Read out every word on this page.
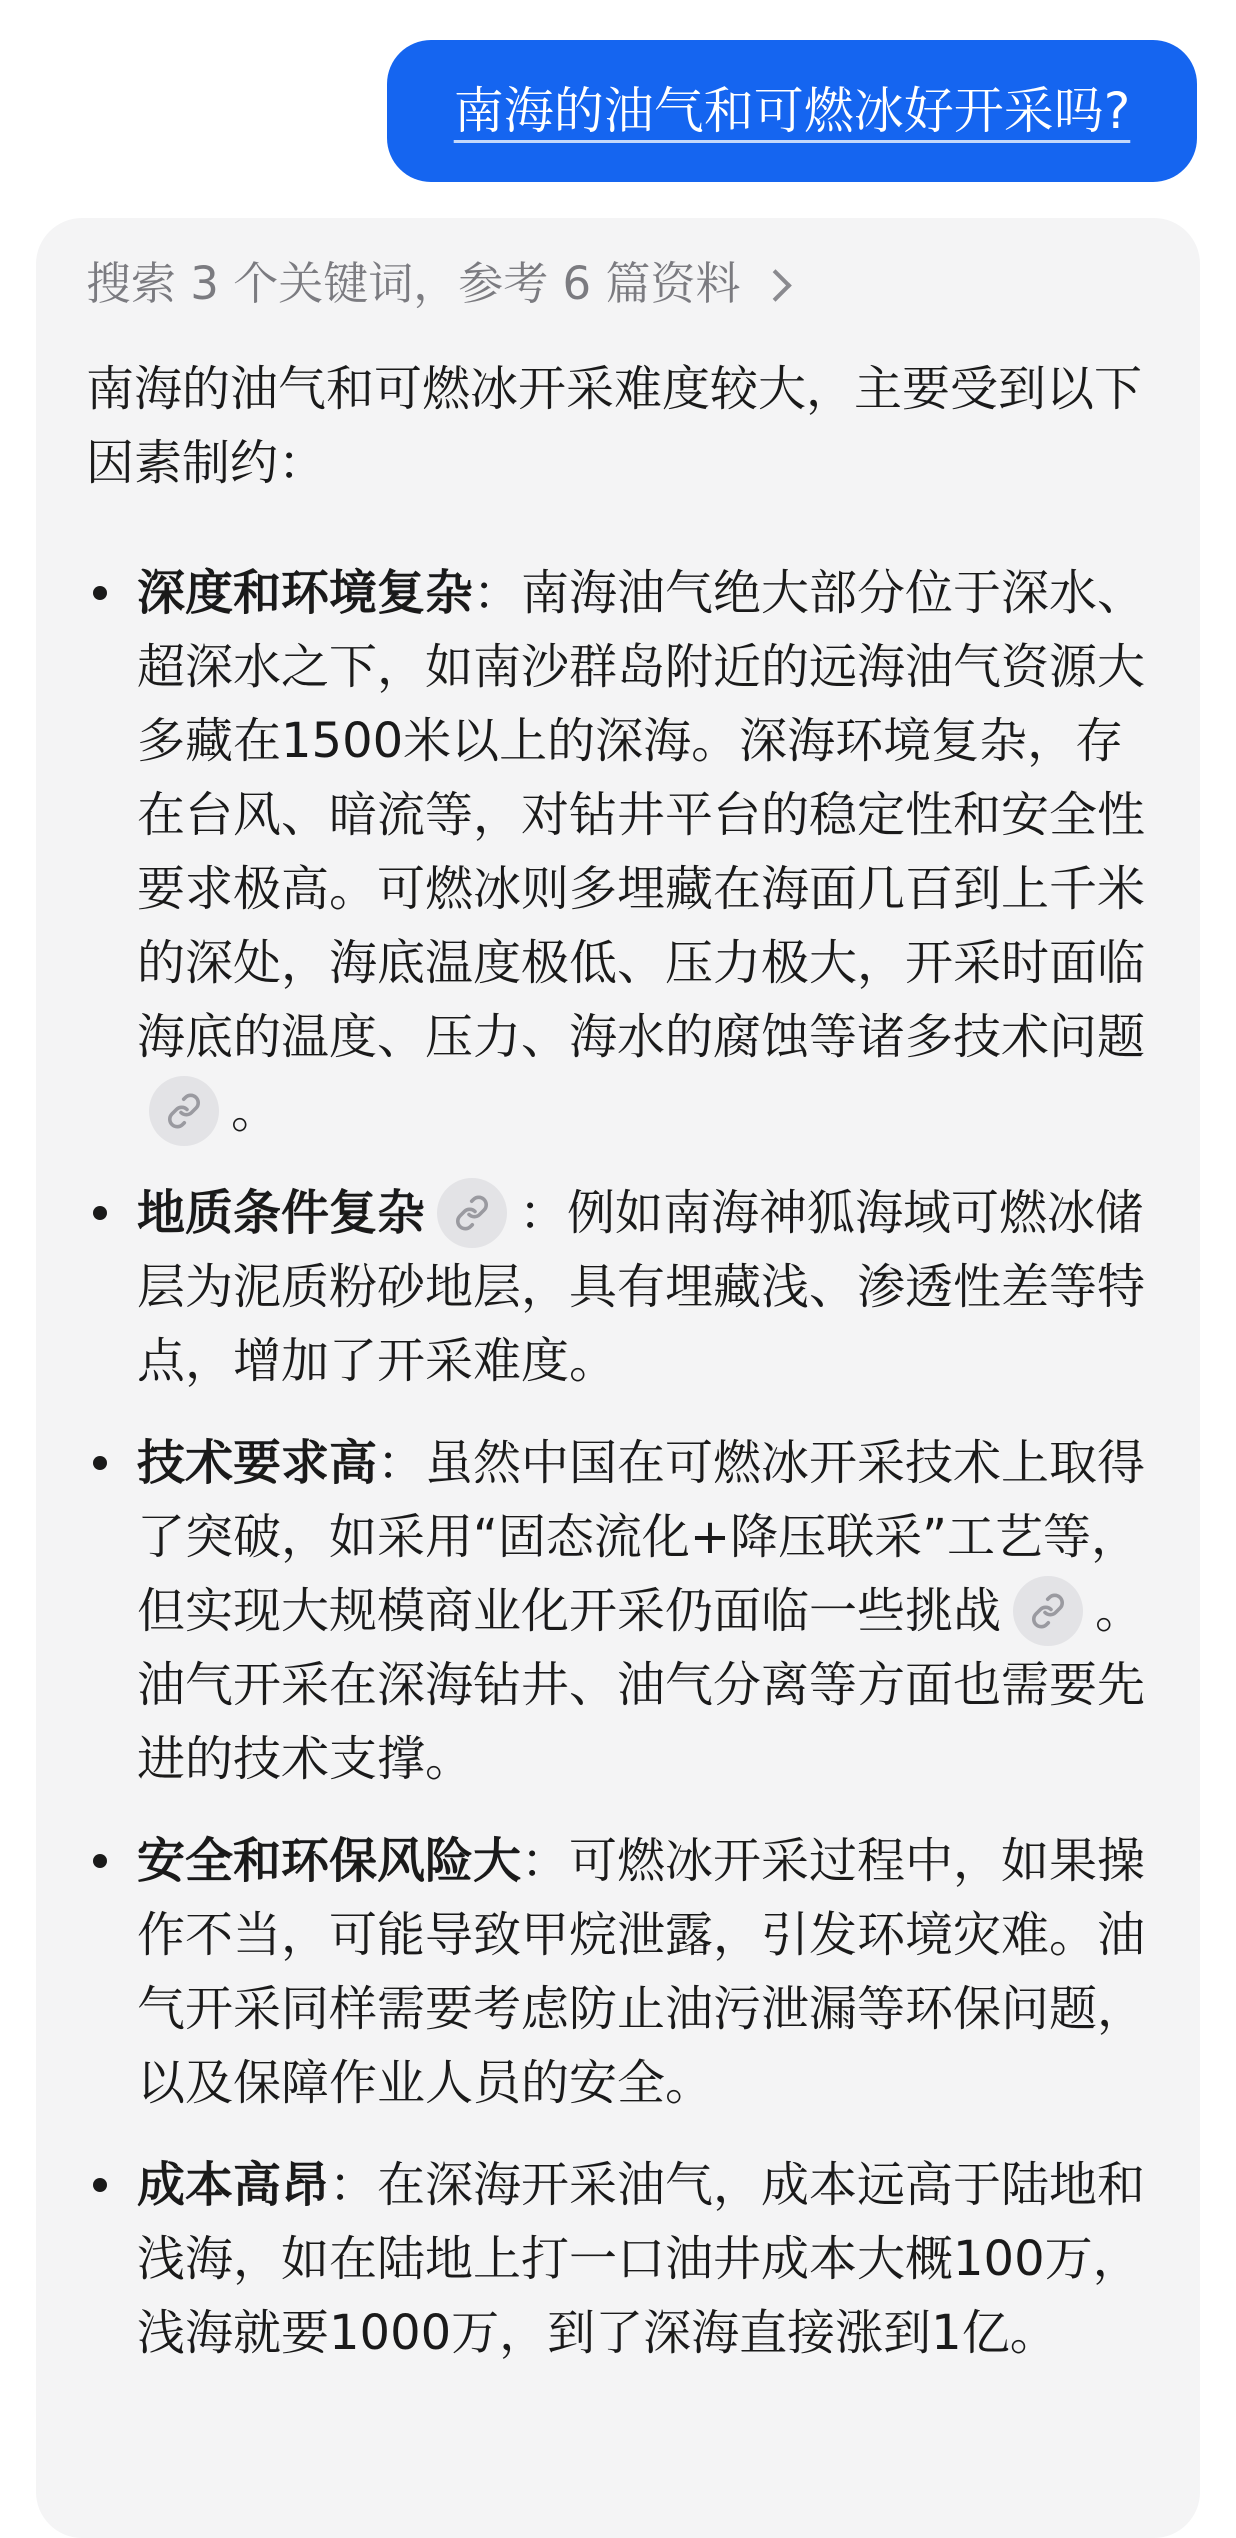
南海的油气和可燃冰好开采吗?
搜索 3 个关键词，参考 6 篇资料
南海的油气和可燃冰开采难度较大，主要受到以下因素制约：
深度和环境复杂：南海油气绝大部分位于深水、超深水之下，如南沙群岛附近的远海油气资源大多藏在1500米以上的深海。深海环境复杂，存在台风、暗流等，对钻井平台的稳定性和安全性要求极高。可燃冰则多埋藏在海面几百到上千米的深处，海底温度极低、压力极大，开采时面临海底的温度、压力、海水的腐蚀等诸多技术问题
。
地质条件复杂 ：例如南海神狐海域可燃冰储层为泥质粉砂地层，具有埋藏浅、渗透性差等特点，增加了开采难度。
技术要求高：虽然中国在可燃冰开采技术上取得了突破，如采用“固态流化+降压联采”工艺等，但实现大规模商业化开采仍面临一些挑战 。油气开采在深海钻井、油气分离等方面也需要先进的技术支撑。
安全和环保风险大：可燃冰开采过程中，如果操作不当，可能导致甲烷泄露，引发环境灾难。油气开采同样需要考虑防止油污泄漏等环保问题，以及保障作业人员的安全。
成本高昂：在深海开采油气，成本远高于陆地和浅海，如在陆地上打一口油井成本大概100万，浅海就要1000万，到了深海直接涨到1亿。
